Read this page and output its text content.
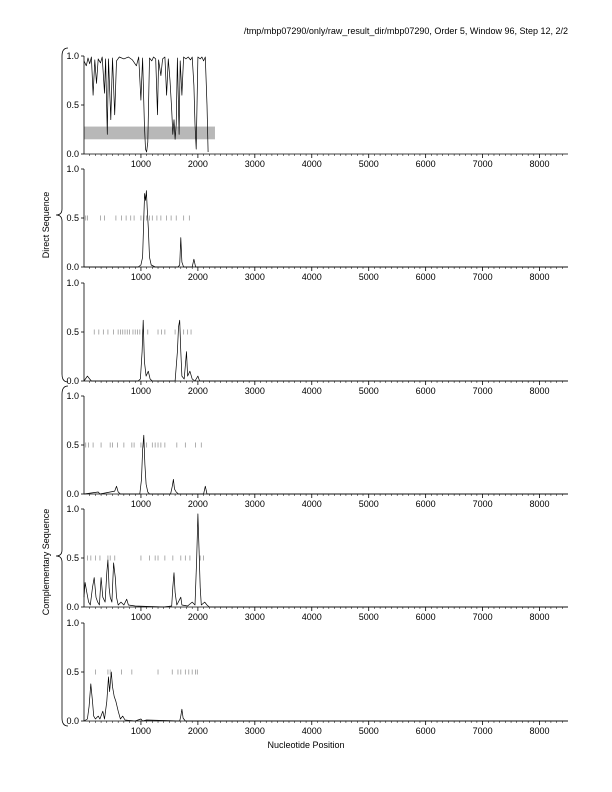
/tmp/mbp07290/only/raw_result_dir/mbp07290, Order 5, Window 96, Step 12, 2/2
Direct Sequence
Complementary Sequence
0.0
0.5
1.0
1000	2000	3000	4000	5000	6000	7000	8000
0.0
0.5
1.0
1000	2000	3000	4000	5000	6000	7000	8000
0.0
0.5
1.0
1000	2000	3000	4000	5000	6000	7000	8000
0.0
0.5
1.0
1000	2000	3000	4000	5000	6000	7000	8000
0.0
0.5
1.0
1000	2000	3000	4000	5000	6000	7000	8000
0.0
0.5
1.0
1000	2000	3000	4000	5000	6000	7000	8000
Nucleotide Position
